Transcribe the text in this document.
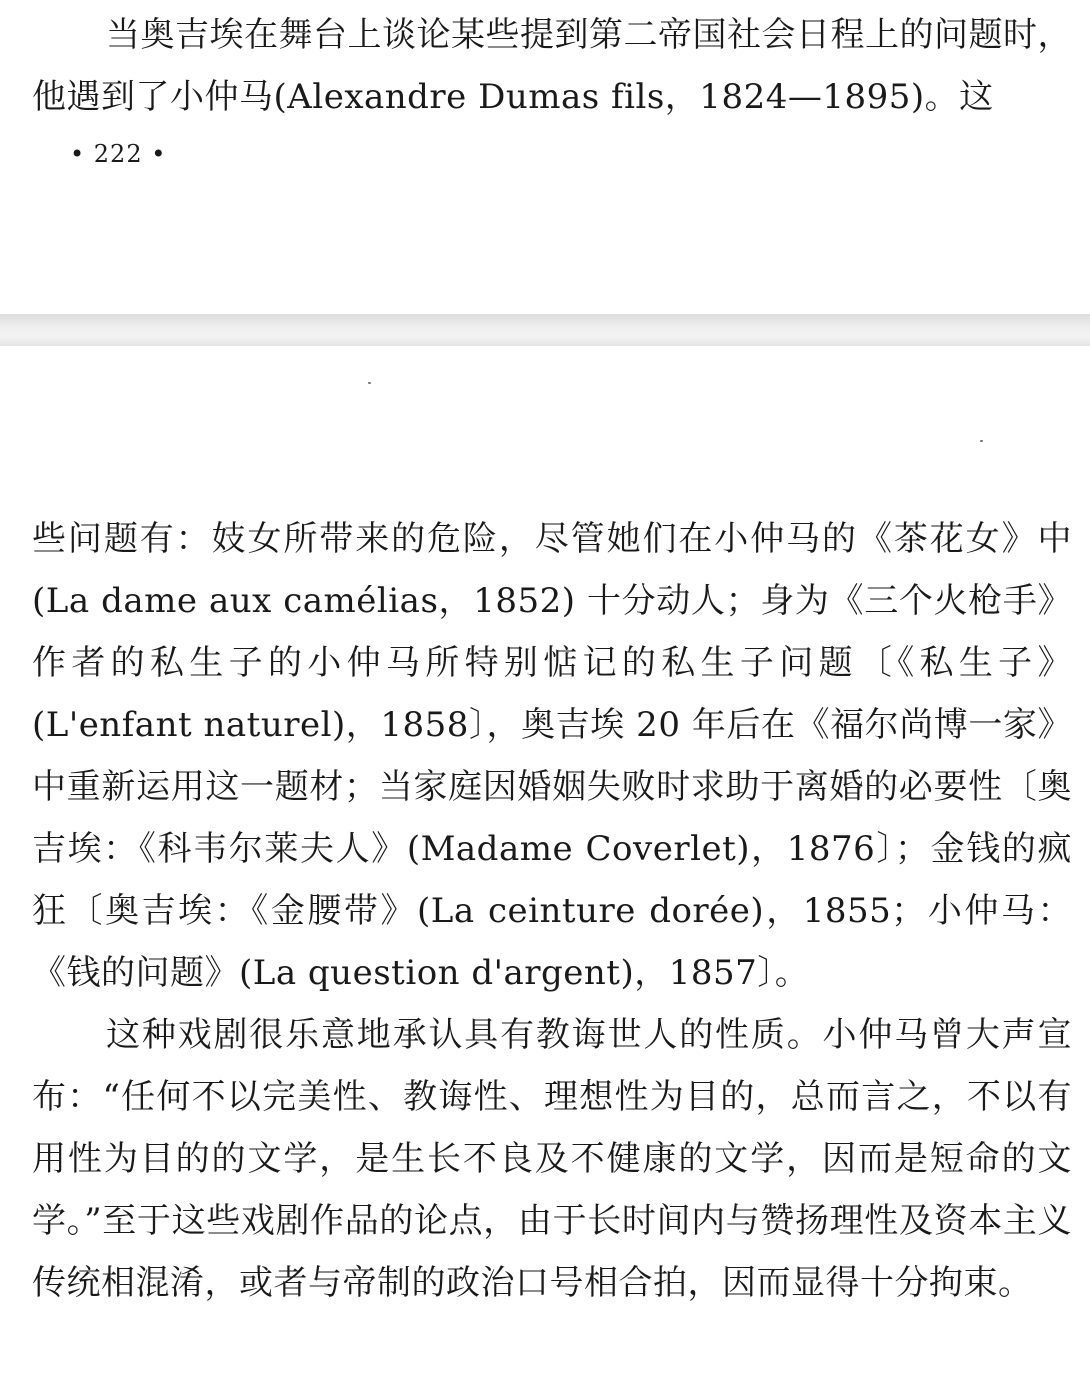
当奥吉埃在舞台上谈论某些提到第二帝国社会日程上的问题时，他遇到了小仲马(Alexandre Dumas fils，1824—1895)。这

• 222 •

些问题有：妓女所带来的危险，尽管她们在小仲马的《茶花女》中(La dame aux camélias，1852) 十分动人；身为《三个火枪手》作者的私生子的小仲马所特别惦记的私生子问题〔《私生子》(L'enfant naturel)，1858〕，奥吉埃 20 年后在《福尔尚博一家》中重新运用这一题材；当家庭因婚姻失败时求助于离婚的必要性〔奥吉埃：《科韦尔莱夫人》(Madame Coverlet)，1876〕；金钱的疯狂〔奥吉埃：《金腰带》(La ceinture dorée)，1855；小仲马：《钱的问题》(La question d'argent)，1857〕。

这种戏剧很乐意地承认具有教诲世人的性质。小仲马曾大声宣布：“任何不以完美性、教诲性、理想性为目的，总而言之，不以有用性为目的的文学，是生长不良及不健康的文学，因而是短命的文学。”至于这些戏剧作品的论点，由于长时间内与赞扬理性及资本主义传统相混淆，或者与帝制的政治口号相合拍，因而显得十分拘束。
